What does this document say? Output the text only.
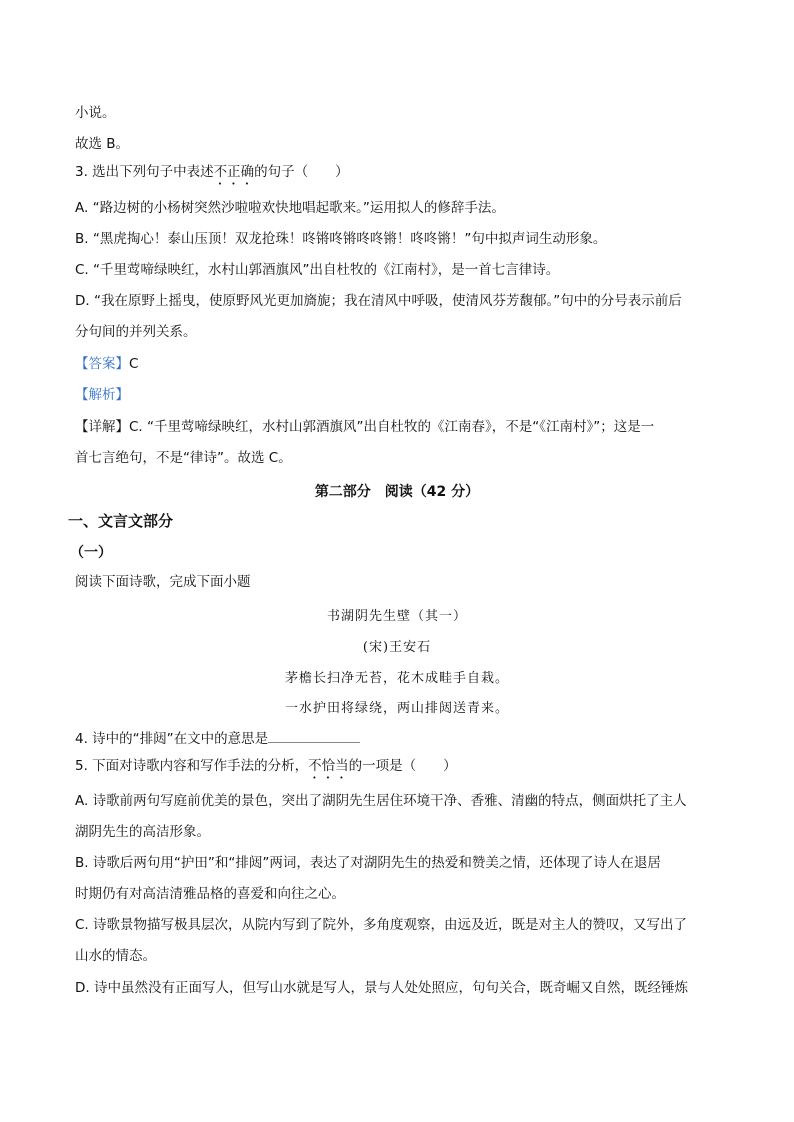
小说。
故选 B。
3. 选出下列句子中表述不正确的句子（　　）
A. “路边树的小杨树突然沙啦啦欢快地唱起歌来。”运用拟人的修辞手法。
B. “黑虎掏心！泰山压顶！双龙抢珠！咚锵咚锵咚咚锵！咚咚锵！”句中拟声词生动形象。
C. “千里莺啼绿映红，水村山郭酒旗风”出自杜牧的《江南村》，是一首七言律诗。
D. “我在原野上摇曳，使原野风光更加旖旎；我在清风中呼吸，使清风芬芳馥郁。”句中的分号表示前后
分句间的并列关系。
【答案】C
【解析】
【详解】C. “千里莺啼绿映红，水村山郭酒旗风”出自杜牧的《江南春》，不是“《江南村》”；这是一
首七言绝句，不是“律诗”。故选 C。
第二部分　阅读（42 分）
一、文言文部分
（一）
阅读下面诗歌，完成下面小题
书湖阴先生壁（其一）
(宋)王安石
茅檐长扫净无苔，花木成畦手自栽。
一水护田将绿绕，两山排闼送青来。
4. 诗中的“排闼”在文中的意思是
5. 下面对诗歌内容和写作手法的分析，不恰当的一项是（　　）
A. 诗歌前两句写庭前优美的景色，突出了湖阴先生居住环境干净、香雅、清幽的特点，侧面烘托了主人
湖阴先生的高洁形象。
B. 诗歌后两句用“护田”和“排闼”两词，表达了对湖阴先生的热爱和赞美之情，还体现了诗人在退居
时期仍有对高洁清雅品格的喜爱和向往之心。
C. 诗歌景物描写极具层次，从院内写到了院外，多角度观察，由远及近，既是对主人的赞叹，又写出了
山水的情态。
D. 诗中虽然没有正面写人，但写山水就是写人，景与人处处照应，句句关合，既奇崛又自然，既经锤炼
